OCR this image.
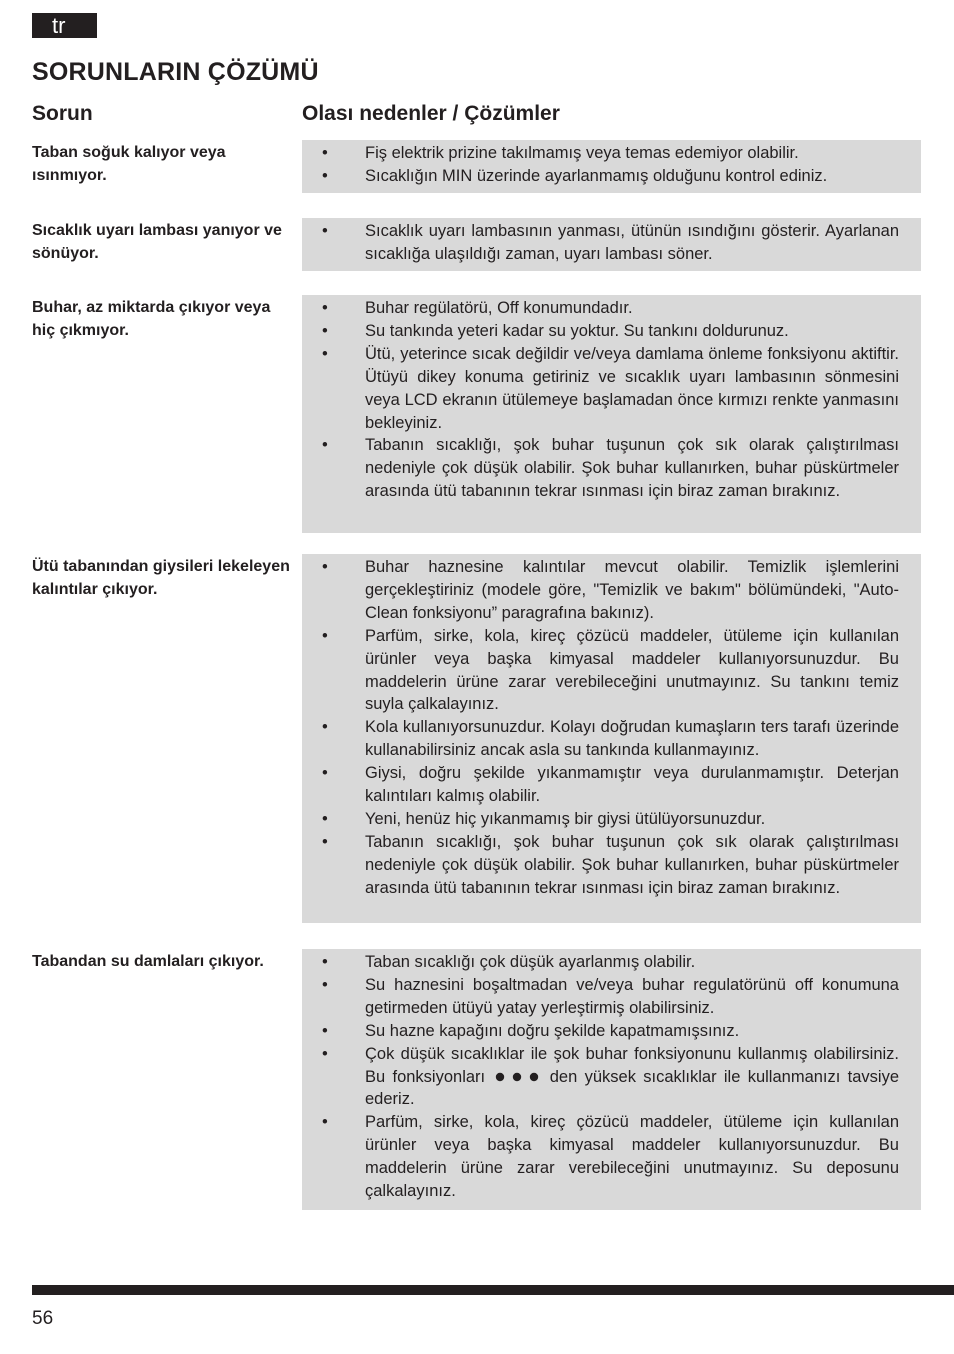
tr
SORUNLARIN ÇÖZÜMÜ
Sorun	Olası nedenler / Çözümler
Taban soğuk kalıyor veya ısınmıyor.
• Fiş elektrik prizine takılmamış veya temas edemiyor olabilir.
• Sıcaklığın MIN üzerinde ayarlanmamış olduğunu kontrol ediniz.
Sıcaklık uyarı lambası yanıyor ve sönüyor.
• Sıcaklık uyarı lambasının yanması, ütünün ısındığını gösterir. Ayarlanan sıcaklığa ulaşıldığı zaman, uyarı lambası söner.
Buhar, az miktarda çıkıyor veya hiç çıkmıyor.
• Buhar regülatörü, Off konumundadır.
• Su tankında yeteri kadar su yoktur. Su tankını doldurunuz.
• Ütü, yeterince sıcak değildir ve/veya damlama önleme fonksiyonu aktiftir. Ütüyü dikey konuma getiriniz ve sıcaklık uyarı lambasının sönmesini veya LCD ekranın ütülemeye başlamadan önce kırmızı renkte yanmasını bekleyiniz.
• Tabanın sıcaklığı, şok buhar tuşunun çok sık olarak çalıştırılması nedeniyle çok düşük olabilir. Şok buhar kullanırken, buhar püskürtmeler arasında ütü tabanının tekrar ısınması için biraz zaman bırakınız.
Ütü tabanından giysileri lekeleyen kalıntılar çıkıyor.
• Buhar haznesine kalıntılar mevcut olabilir. Temizlik işlemlerini gerçekleştiriniz (modele göre, "Temizlik ve bakım" bölümündeki, "Auto-Clean fonksiyonu” paragrafına bakınız).
• Parfüm, sirke, kola, kireç çözücü maddeler, ütüleme için kullanılan ürünler veya başka kimyasal maddeler kullanıyorsunuzdur. Bu maddelerin ürüne zarar verebileceğini unutmayınız. Su tankını temiz suyla çalkalayınız.
• Kola kullanıyorsunuzdur. Kolayı doğrudan kumaşların ters tarafı üzerinde kullanabilirsiniz ancak asla su tankında kullanmayınız.
• Giysi, doğru şekilde yıkanmamıştır veya durulanmamıştır. Deterjan kalıntıları kalmış olabilir.
• Yeni, henüz hiç yıkanmamış bir giysi ütülüyorsunuzdur.
• Tabanın sıcaklığı, şok buhar tuşunun çok sık olarak çalıştırılması nedeniyle çok düşük olabilir. Şok buhar kullanırken, buhar püskürtmeler arasında ütü tabanının tekrar ısınması için biraz zaman bırakınız.
Tabandan su damlaları çıkıyor.
•	Taban sıcaklığı çok düşük ayarlanmış olabilir.
• Su haznesini boşaltmadan ve/veya buhar regulatörünü off konumuna getirmeden ütüyü yatay yerleştirmiş olabilirsiniz.
• Su hazne kapağını doğru şekilde kapatmamışsınız.
• Çok düşük sıcaklıklar ile şok buhar fonksiyonunu kullanmış olabilirsiniz. Bu fonksiyonları	den yüksek sıcaklıklar ile kullanmanızı tavsiye ederiz.
• Parfüm, sirke, kola, kireç çözücü maddeler, ütüleme için kullanılan ürünler veya başka kimyasal maddeler kullanıyorsunuzdur. Bu maddelerin ürüne zarar verebileceğini unutmayınız. Su deposunu çalkalayınız.
56
